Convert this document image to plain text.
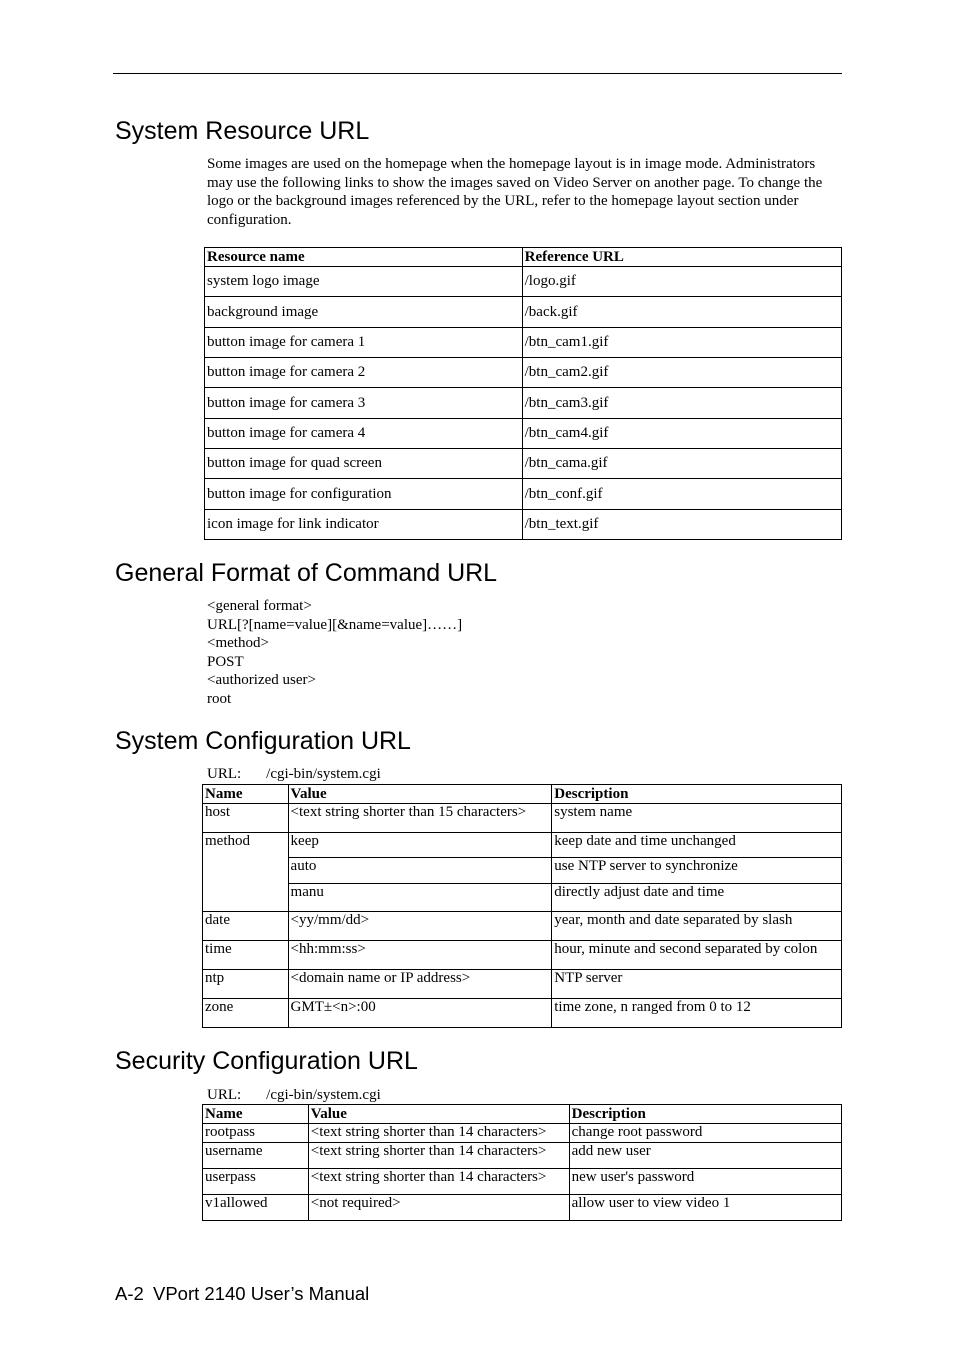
System Resource URL

Some images are used on the homepage when the homepage layout is in image mode. Administrators may use the following links to show the images saved on Video Server on another page. To change the logo or the background images referenced by the URL, refer to the homepage layout section under configuration.

Resource name	Reference URL
system logo image	/logo.gif
background image	/back.gif
button image for camera 1	/btn_cam1.gif
button image for camera 2	/btn_cam2.gif
button image for camera 3	/btn_cam3.gif
button image for camera 4	/btn_cam4.gif
button image for quad screen	/btn_cama.gif
button image for configuration	/btn_conf.gif
icon image for link indicator	/btn_text.gif
General Format of Command URL
<general format>
URL[?[name=value][&name=value]……]
<method>
POST
<authorized user>
root
System Configuration URL
URL: /cgi-bin/system.cgi
Name	Value	Description
host	<text string shorter than 15 characters>	system name
method	keep	keep date and time unchanged
	auto	use NTP server to synchronize
	manu	directly adjust date and time
date	<yy/mm/dd>	year, month and date separated by slash
time	<hh:mm:ss>	hour, minute and second separated by colon
ntp	<domain name or IP address>	NTP server
zone	GMT±<n>:00	time zone, n ranged from 0 to 12
Security Configuration URL
URL: /cgi-bin/system.cgi
Name	Value	Description
rootpass	<text string shorter than 14 characters>	change root password
username	<text string shorter than 14 characters>	add new user
userpass	<text string shorter than 14 characters>	new user's password
v1allowed	<not required>	allow user to view video 1
A-2 VPort 2140 User’s Manual
